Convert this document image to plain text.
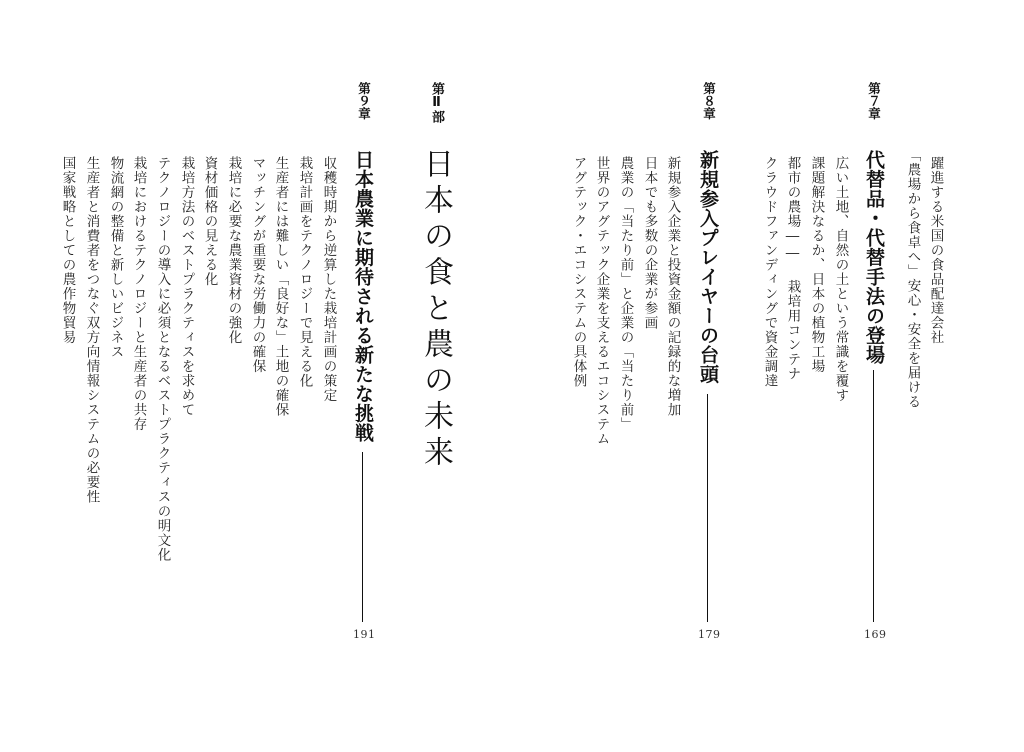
躍進する米国の食品配達会社
「農場から食卓へ」安心・安全を届ける
第７章
代替品・代替手法の登場
169
広い土地、自然の土という常識を覆す
課題解決なるか、日本の植物工場
都市の農場―― 栽培用コンテナ
クラウドファンディングで資金調達
第８章
新規参入プレイヤーの台頭
179
新規参入企業と投資金額の記録的な増加
日本でも多数の企業が参画
農業の「当たり前」と企業の「当たり前」
世界のアグテック企業を支えるエコシステム
アグテック・エコシステムの具体例
第Ⅱ部
日本の食と農の未来
第９章
日本農業に期待される新たな挑戦
191
収穫時期から逆算した栽培計画の策定
栽培計画をテクノロジーで見える化
生産者には難しい「良好な」土地の確保
マッチングが重要な労働力の確保
栽培に必要な農業資材の強化
資材価格の見える化
栽培方法のベストプラクティスを求めて
テクノロジーの導入に必須となるベストプラクティスの明文化
栽培におけるテクノロジーと生産者の共存
物流網の整備と新しいビジネス
生産者と消費者をつなぐ双方向情報システムの必要性
国家戦略としての農作物貿易
